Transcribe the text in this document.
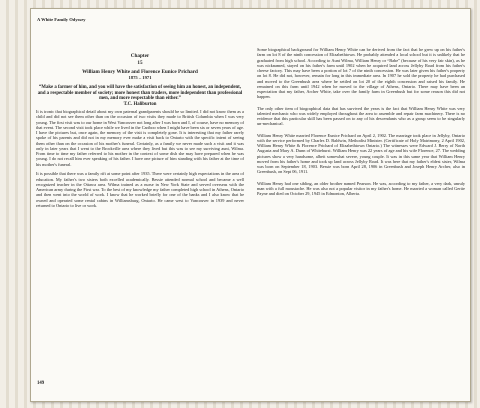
A White Family Odyssey
Chapter
15
William Henry White and Florence Eunice Prichard
1875 – 1971
“Make a farmer of him, and you will have the satisfaction of seeing him an honest, an independent, and a respectable member of society; more honest than traders, more independent than professional men, and more respectable than either.”
T.C. Haliburton

It is ironic that biographical detail about my own paternal grandparents should be so limited. I did not know them as a child and did not see them other than on the occasion of two visits they made to British Columbia when I was very young. The first visit was to our home in West Vancouver not long after I was born and I, of course, have no memory of that event. The second visit took place while we lived in the Cariboo when I might have been six or seven years of age. I have the pictures but, once again, the memory of the visit is completely gone. It is interesting that my father rarely spoke of his parents and did not in my memory ever make a visit back to Ontario with the specific intent of seeing them other than on the occasion of his mother's funeral. Certainly, as a family we never made such a visit and it was only in later years that I went to the Brockville area where they lived but this was to see my surviving aunt, Wilma. From time to time my father referred to his mother in the context of some dish she may have prepared when he was young. I do not recall him ever speaking of his father. I have one picture of him standing with his father at the time of his mother's funeral.

It is possible that there was a family rift at some point after 1935. There were certainly high expectations in the area of education. My father's two sisters both excelled academically. Bessie attended normal school and became a well recognized teacher in the Ottawa area. Wilma trained as a nurse in New York State and served overseas with the American army during the First war. To the best of my knowledge my father completed high school in Athens, Ontario and then went into the world of work. I know that he worked briefly for one of the banks and I also know that he owned and operated some rental cabins in Williamsburg, Ontario. He came west to Vancouver in 1939 and never returned to Ontario to live or work.

Some biographical background for William Henry White can be derived from the fact that he grew up on his father's farm on lot 8 of the ninth concession of Elizabethtown. He probably attended a local school but it is unlikely that he graduated from high school. According to Aunt Wilma, William Henry or “Babe” (because of his very fair skin), as he was nicknamed, stayed on his father's farm until 1902 when he acquired land across Jellyby Road from his father's cheese factory. This may have been a portion of lot 7 of the ninth concession. He was later given his father's property on lot 8. He did not, however, remain for long in this immediate area. In 1907 he sold the property he had purchased and moved to the Greenbush area where he settled on lot 20 of the eighth concession and raised his family. He remained on this farm until 1942 when he moved to the village of Athens, Ontario. There may have been an expectation that my father, Archer White, take over the family farm in Greenbush but for some reason this did not happen.

The only other item of biographical data that has survived the years is the fact that William Henry White was very talented mechanic who was widely employed throughout the area to assemble and repair farm machinery. There is no evidence that this particular skill has been passed on to any of his descendants who as a group seem to be singularly un-mechanical.

William Henry White married Florence Eunice Prichard on April 2, 1902. The marriage took place in Jellyby, Ontario with the service performed by Charles D. Baldwin, Methodist Minister. (Certificate of Holy Matrimony, 2 April 1902, William Henry White & Florence Prichard of Elizabethtown Ontario.) The witnesses were Edward J. Berry of North Augusta and Mary A. Dunn of Whitehurst. William Henry was 22 years of age and his wife Florence, 27. The wedding pictures show a very handsome, albeit somewhat severe, young couple. It was in this same year that William Henry moved from his father's home and took up land across Jellyby Road. It was here that my father's eldest sister, Wilma was born on September 18, 1903. Bessie was born April 28, 1906 in Greenbush and Joseph Henry Archer, also in Greenbush, on Sept 06, 1911.

William Henry had one sibling, an older brother named Pearson. He was, according to my father, a very dark, unruly man with a full moustache. He was also not a popular visitor in my father's home. He married a woman called Gertie Payne and died on October 29, 1945 in Edmonton, Alberta.

149
